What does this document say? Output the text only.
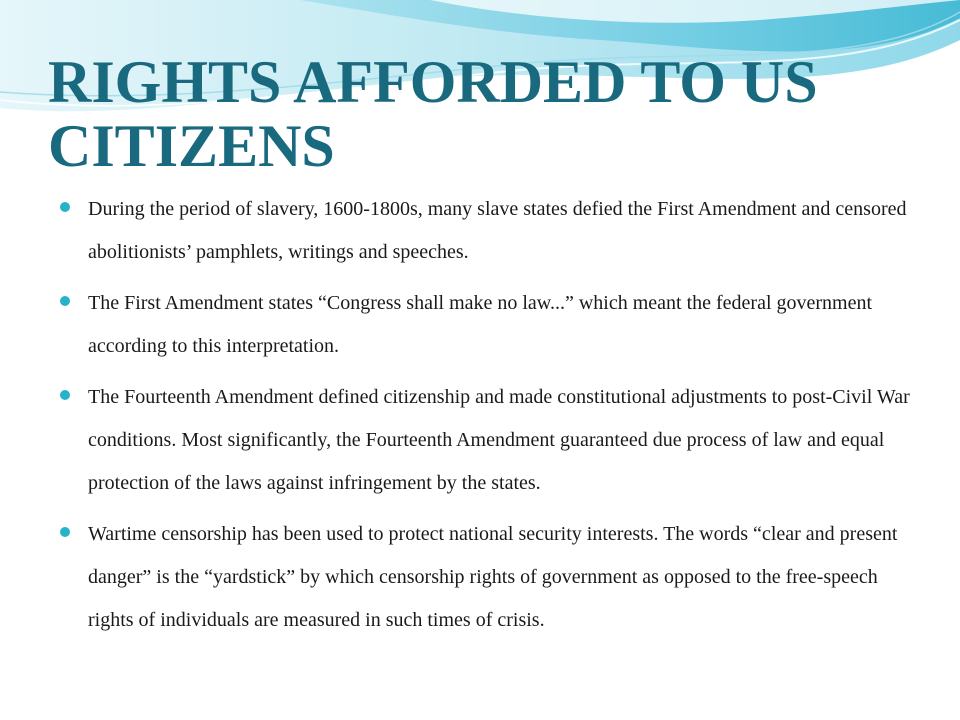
RIGHTS AFFORDED TO US
CITIZENS
During the period of slavery, 1600-1800s, many slave states defied the First Amendment and censored abolitionists’ pamphlets, writings and speeches.
The First Amendment states “Congress shall make no law...” which meant the federal government according to this interpretation.
The Fourteenth Amendment defined citizenship and made constitutional adjustments to post-Civil War conditions. Most significantly, the Fourteenth Amendment guaranteed due process of law and equal protection of the laws against infringement by the states.
Wartime censorship has been used to protect national security interests. The words “clear and present danger” is the “yardstick” by which censorship rights of government as opposed to the free-speech rights of individuals are measured in such times of crisis.
